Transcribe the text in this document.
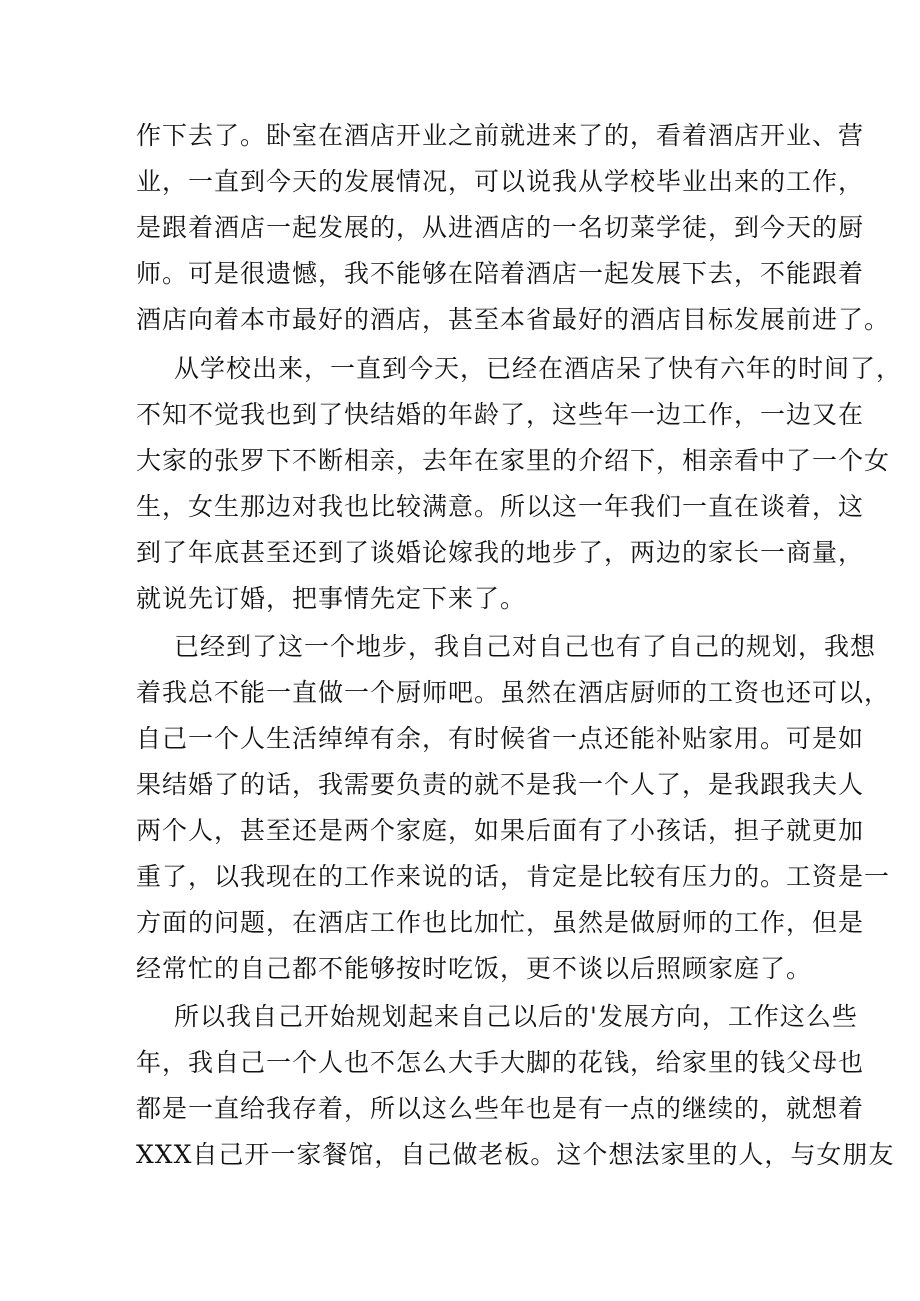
作下去了。卧室在酒店开业之前就进来了的，看着酒店开业、营
业，一直到今天的发展情况，可以说我从学校毕业出来的工作，
是跟着酒店一起发展的，从进酒店的一名切菜学徒，到今天的厨
师。可是很遗憾，我不能够在陪着酒店一起发展下去，不能跟着
酒店向着本市最好的酒店，甚至本省最好的酒店目标发展前进了。
从学校出来，一直到今天，已经在酒店呆了快有六年的时间了，
不知不觉我也到了快结婚的年龄了，这些年一边工作，一边又在
大家的张罗下不断相亲，去年在家里的介绍下，相亲看中了一个女
生，女生那边对我也比较满意。所以这一年我们一直在谈着，这
到了年底甚至还到了谈婚论嫁我的地步了，两边的家长一商量，
就说先订婚，把事情先定下来了。
已经到了这一个地步，我自己对自己也有了自己的规划，我想
着我总不能一直做一个厨师吧。虽然在酒店厨师的工资也还可以，
自己一个人生活绰绰有余，有时候省一点还能补贴家用。可是如
果结婚了的话，我需要负责的就不是我一个人了，是我跟我夫人
两个人，甚至还是两个家庭，如果后面有了小孩话，担子就更加
重了，以我现在的工作来说的话，肯定是比较有压力的。工资是一
方面的问题，在酒店工作也比加忙，虽然是做厨师的工作，但是
经常忙的自己都不能够按时吃饭，更不谈以后照顾家庭了。
所以我自己开始规划起来自己以后的'发展方向，工作这么些
年，我自己一个人也不怎么大手大脚的花钱，给家里的钱父母也
都是一直给我存着，所以这么些年也是有一点的继续的，就想着
XXX自己开一家餐馆，自己做老板。这个想法家里的人，与女朋友
